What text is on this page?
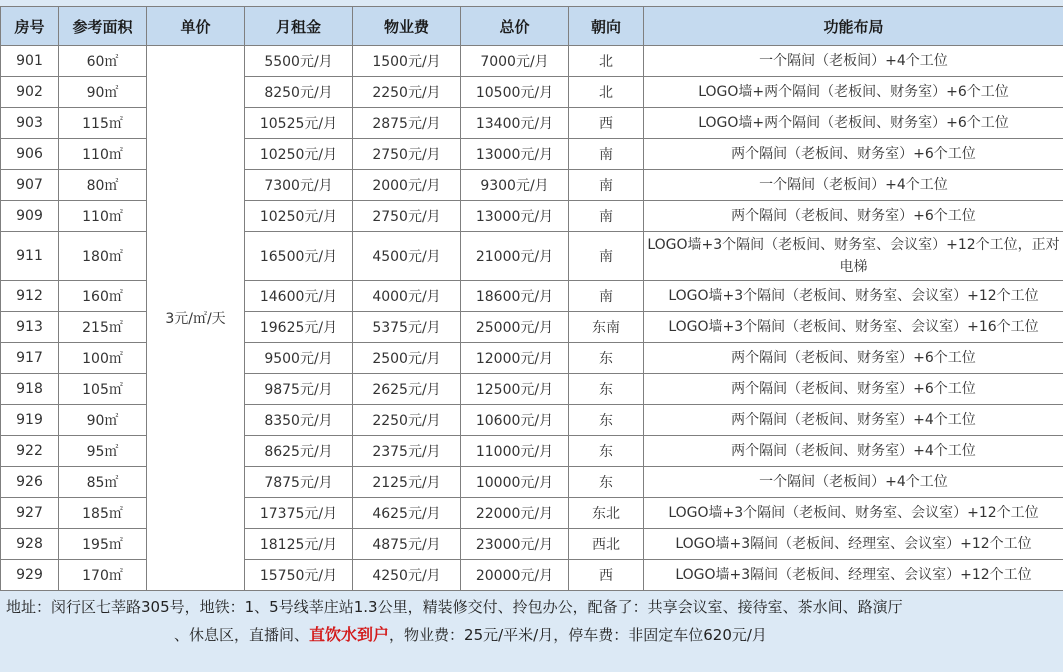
房号	参考面积	单价	月租金	物业费	总价	朝向	功能布局
901	60㎡	3元/㎡/天	5500元/月	1500元/月	7000元/月	北	一个隔间（老板间）+4个工位
902	90㎡		8250元/月	2250元/月	10500元/月	北	LOGO墙+两个隔间（老板间、财务室）+6个工位
903	115㎡		10525元/月	2875元/月	13400元/月	西	LOGO墙+两个隔间（老板间、财务室）+6个工位
906	110㎡		10250元/月	2750元/月	13000元/月	南	两个隔间（老板间、财务室）+6个工位
907	80㎡		7300元/月	2000元/月	9300元/月	南	一个隔间（老板间）+4个工位
909	110㎡		10250元/月	2750元/月	13000元/月	南	两个隔间（老板间、财务室）+6个工位
911	180㎡		16500元/月	4500元/月	21000元/月	南	LOGO墙+3个隔间（老板间、财务室、会议室）+12个工位，正对电梯
912	160㎡		14600元/月	4000元/月	18600元/月	南	LOGO墙+3个隔间（老板间、财务室、会议室）+12个工位
913	215㎡		19625元/月	5375元/月	25000元/月	东南	LOGO墙+3个隔间（老板间、财务室、会议室）+16个工位
917	100㎡		9500元/月	2500元/月	12000元/月	东	两个隔间（老板间、财务室）+6个工位
918	105㎡		9875元/月	2625元/月	12500元/月	东	两个隔间（老板间、财务室）+6个工位
919	90㎡		8350元/月	2250元/月	10600元/月	东	两个隔间（老板间、财务室）+4个工位
922	95㎡		8625元/月	2375元/月	11000元/月	东	两个隔间（老板间、财务室）+4个工位
926	85㎡		7875元/月	2125元/月	10000元/月	东	一个隔间（老板间）+4个工位
927	185㎡		17375元/月	4625元/月	22000元/月	东北	LOGO墙+3个隔间（老板间、财务室、会议室）+12个工位
928	195㎡		18125元/月	4875元/月	23000元/月	西北	LOGO墙+3隔间（老板间、经理室、会议室）+12个工位
929	170㎡		15750元/月	4250元/月	20000元/月	西	LOGO墙+3隔间（老板间、经理室、会议室）+12个工位
地址：闵行区七莘路305号，地铁：1、5号线莘庄站1.3公里，精装修交付、拎包办公，配备了：共享会议室、接待室、茶水间、路演厅
、休息区，直播间、直饮水到户，物业费：25元/平米/月，停车费：非固定车位620元/月
